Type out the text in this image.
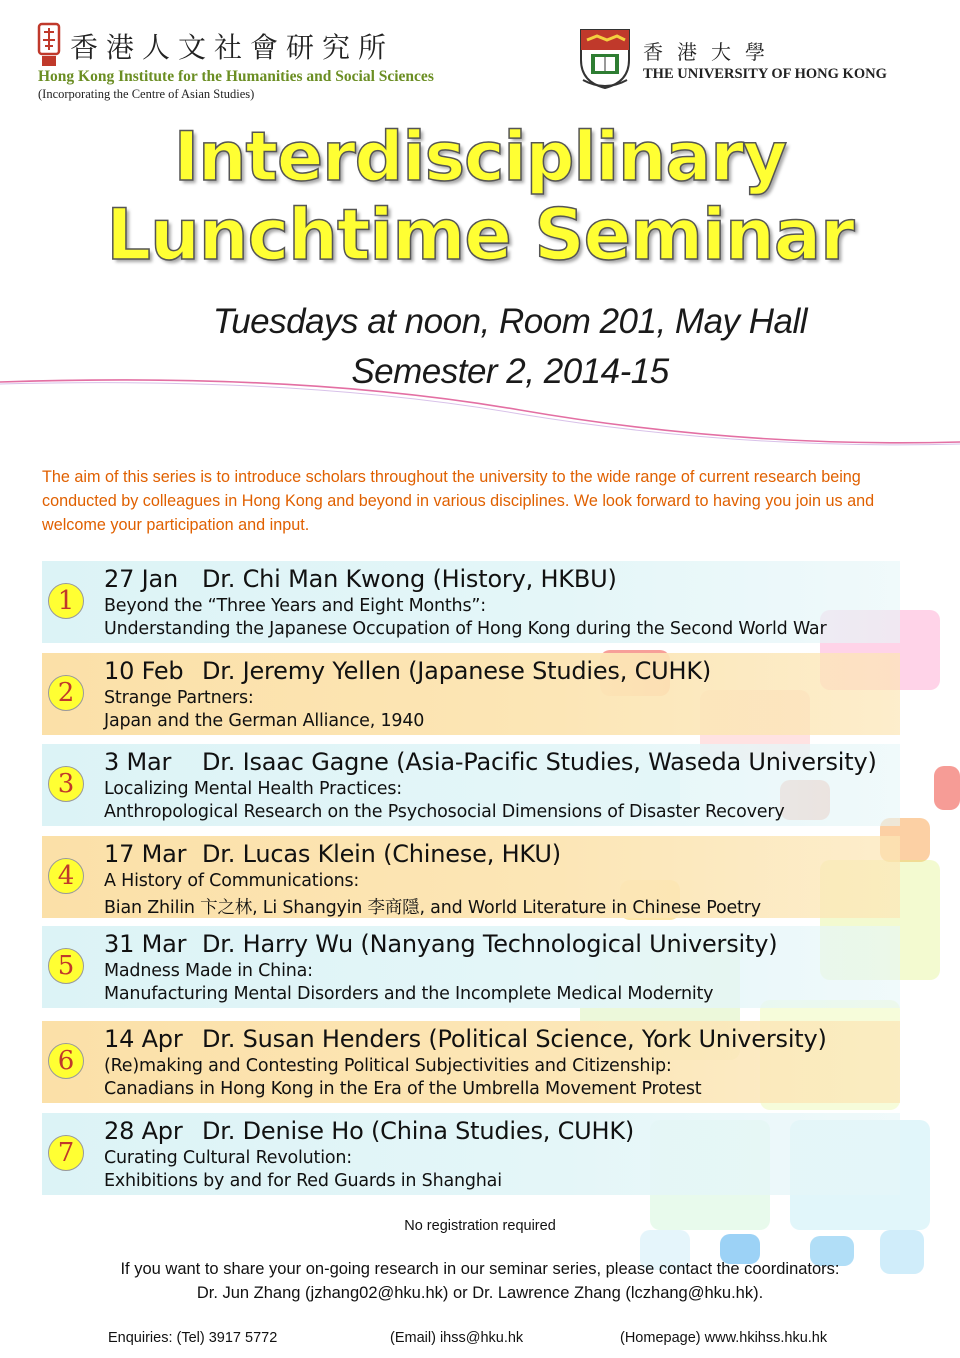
香港人文社會研究所
Hong Kong Institute for the Humanities and Social Sciences
(Incorporating the Centre of Asian Studies)
香港大學
THE UNIVERSITY OF HONG KONG
Interdisciplinary
Lunchtime Seminar
Tuesdays at noon, Room 201, May Hall
Semester 2, 2014-15
The aim of this series is to introduce scholars throughout the university to the wide range of current research being conducted by colleagues in Hong Kong and beyond in various disciplines. We look forward to having you join us and welcome your participation and input.
1
27 Jan Dr. Chi Man Kwong (History, HKBU)
Beyond the “Three Years and Eight Months”:
Understanding the Japanese Occupation of Hong Kong during the Second World War
2
10 Feb Dr. Jeremy Yellen (Japanese Studies, CUHK)
Strange Partners:
Japan and the German Alliance, 1940
3
3 Mar Dr. Isaac Gagne (Asia-Pacific Studies, Waseda University)
Localizing Mental Health Practices:
Anthropological Research on the Psychosocial Dimensions of Disaster Recovery
4
17 Mar Dr. Lucas Klein (Chinese, HKU)
A History of Communications:
Bian Zhilin 卞之林, Li Shangyin 李商隱, and World Literature in Chinese Poetry
5
31 Mar Dr. Harry Wu (Nanyang Technological University)
Madness Made in China:
Manufacturing Mental Disorders and the Incomplete Medical Modernity
6
14 Apr Dr. Susan Henders (Political Science, York University)
(Re)making and Contesting Political Subjectivities and Citizenship:
Canadians in Hong Kong in the Era of the Umbrella Movement Protest
7
28 Apr Dr. Denise Ho (China Studies, CUHK)
Curating Cultural Revolution:
Exhibitions by and for Red Guards in Shanghai
No registration required
If you want to share your on-going research in our seminar series, please contact the coordinators:
Dr. Jun Zhang (jzhang02@hku.hk) or Dr. Lawrence Zhang (lczhang@hku.hk).
Enquiries: (Tel) 3917 5772	(Email) ihss@hku.hk	(Homepage) www.hkihss.hku.hk
